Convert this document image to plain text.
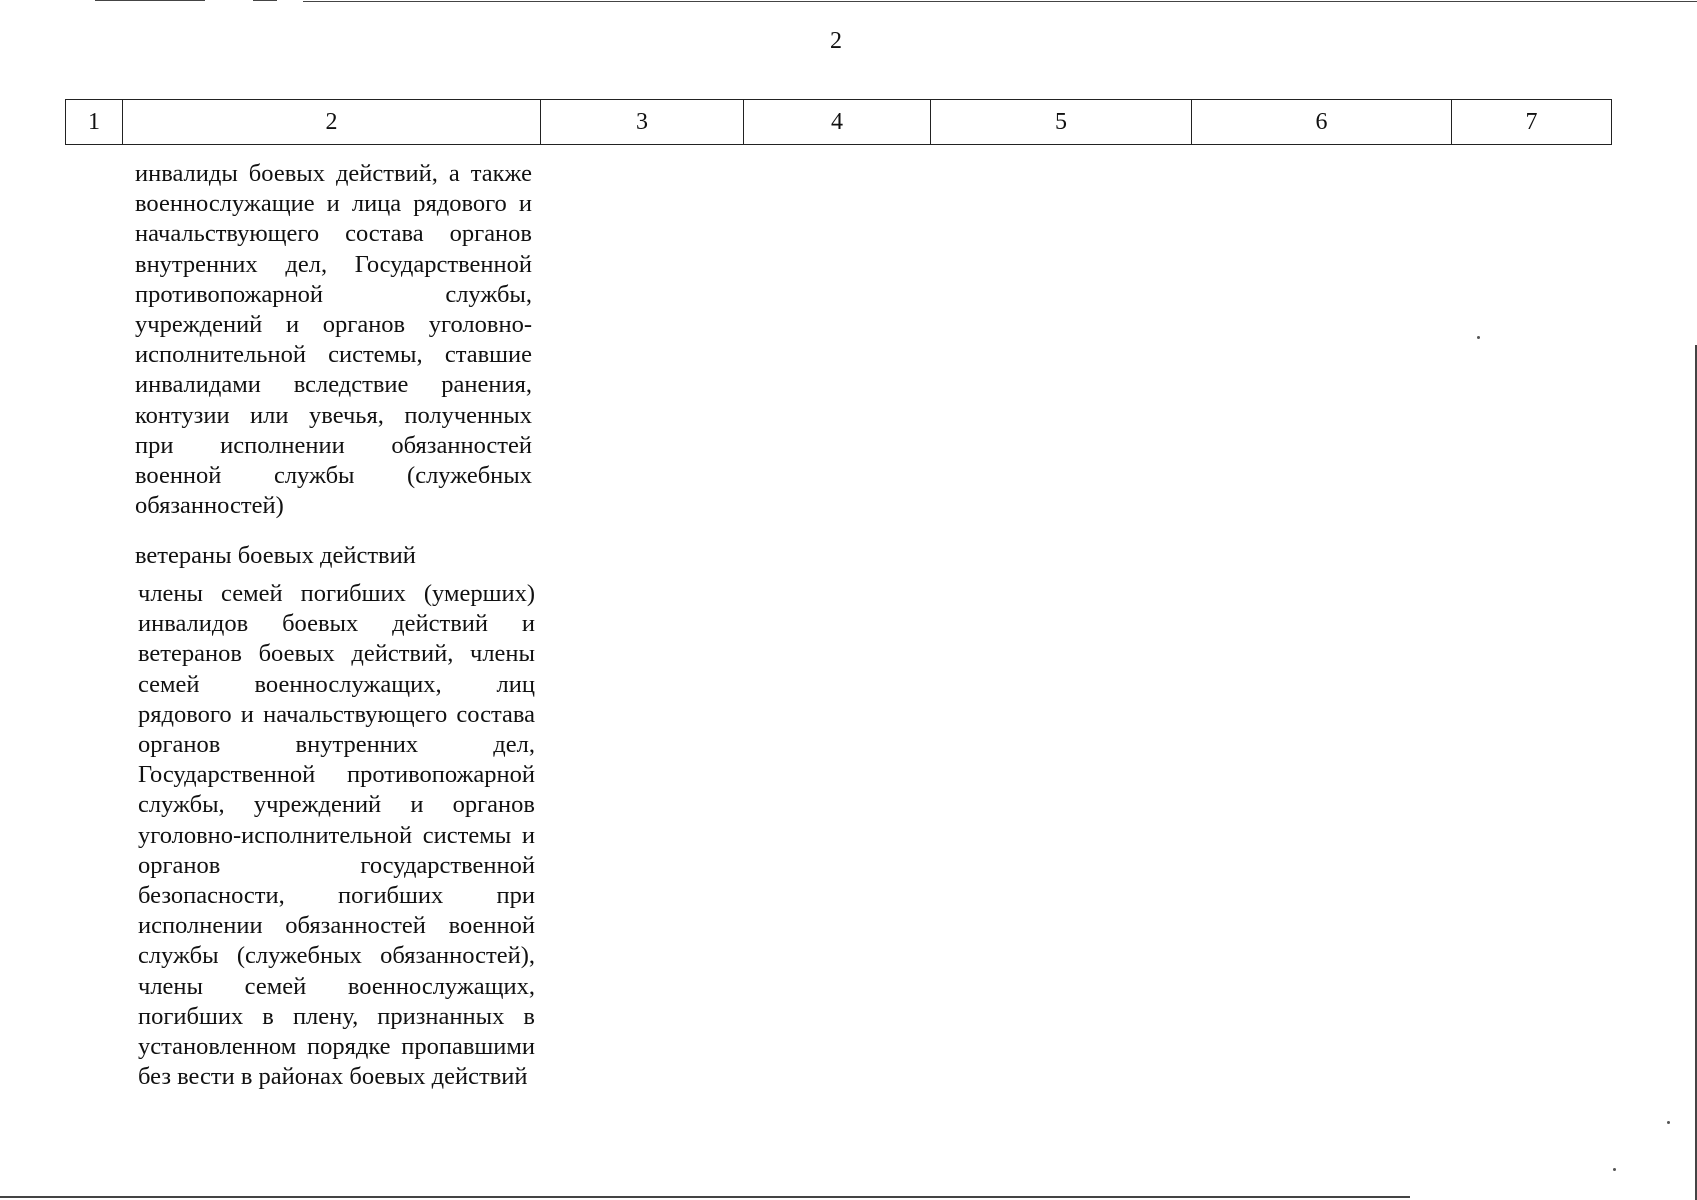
2
1	2	3	4	5	6	7

инвалиды боевых действий, а также военнослужащие и лица рядового и начальствующего состава органов внутренних дел, Государственной противопожарной службы, учреждений и органов уголовно-исполнительной системы, ставшие инвалидами вследствие ранения, контузии или увечья, полученных при исполнении обязанностей военной службы (служебных обязанностей)

ветераны боевых действий

члены семей погибших (умерших) инвалидов боевых действий и ветеранов боевых действий, члены семей военнослужащих, лиц рядового и начальствующего состава органов внутренних дел, Государственной противопожарной службы, учреждений и органов уголовно-исполнительной системы и органов государственной безопасности, погибших при исполнении обязанностей военной службы (служебных обязанностей), члены семей военнослужащих, погибших в плену, признанных в установленном порядке пропавшими без вести в районах боевых действий
